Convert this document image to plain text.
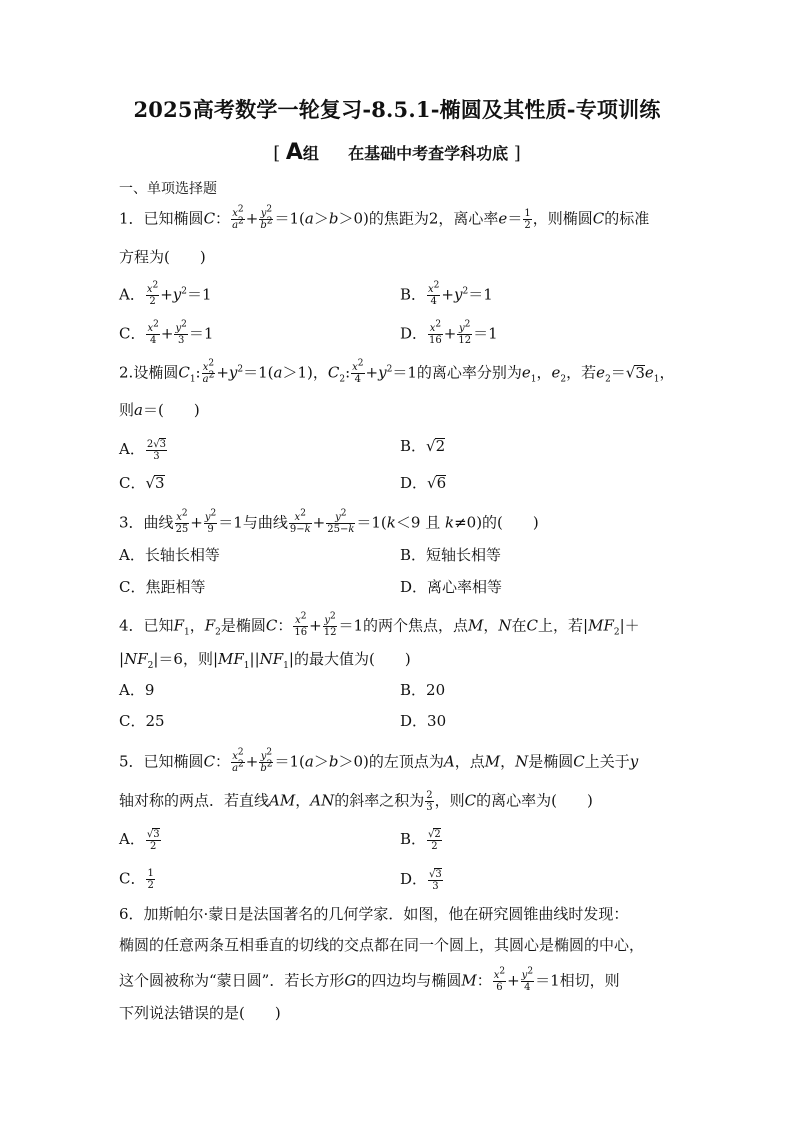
2025高考数学一轮复习-8.5.1-椭圆及其性质-专项训练
[ A组 在基础中考查学科功底 ]
一、单项选择题
1．已知椭圆C： $\frac{x^2}{a^2} + \frac{y^2}{b^2} =1(a>b>0)$的焦距为2，离心率$e= \frac{1}{2}$ ，则椭圆C的标准
方程为(　　)
A． $\frac{x^2}{2} +y^2=1$	B． $\frac{x^2}{4} +y^2=1$
C． $\frac{x^2}{4} + \frac{y^2}{3} =1$	D． $\frac{x^2}{16} + \frac{y^2}{12} =1$
2.设椭圆$C_1$: $\frac{x^2}{a^2} +y^2=1(a>1)$，$C_2$: $\frac{x^2}{4} +y^2=1$的离心率分别为$e_1$，$e_2$，若$e_2=√3e_1$，
则a＝(　　)
A． $\frac{2√3}{3}$	B．√2
C．√3	D．√6
3．曲线 $\frac{x^2}{25} + \frac{y^2}{9} =1$与曲线 $\frac{x^2}{9-k} + \frac{y^2}{25-k} =1(k<9$ 且 k≠0)的(　　)
A．长轴长相等	B．短轴长相等
C．焦距相等	D．离心率相等
4．已知$F_1$，$F_2$是椭圆C： $\frac{x^2}{16} + \frac{y^2}{12} =1$的两个焦点，点M，N在C上，若$|MF_2|+$
$|NF_2|=6$，则$|MF_1||NF_1|$的最大值为(　　)
A．9	B．20
C．25	D．30
5．已知椭圆C： $\frac{x^2}{a^2} + \frac{y^2}{b^2} =1(a>b>0)$的左顶点为A，点M，N是椭圆C上关于y
轴对称的两点．若直线AM，AN的斜率之积为 $\frac{2}{3}$ ，则C的离心率为(　　)
A． $\frac{√3}{2}$	B． $\frac{√2}{2}$
C． $\frac{1}{2}$	D． $\frac{√3}{3}$
6．加斯帕尔·蒙日是法国著名的几何学家．如图，他在研究圆锥曲线时发现：
椭圆的任意两条互相垂直的切线的交点都在同一个圆上，其圆心是椭圆的中心，
这个圆被称为“蒙日圆”．若长方形G的四边均与椭圆M： $\frac{x^2}{6} + \frac{y^2}{4} =1$相切，则
下列说法错误的是(　　)
